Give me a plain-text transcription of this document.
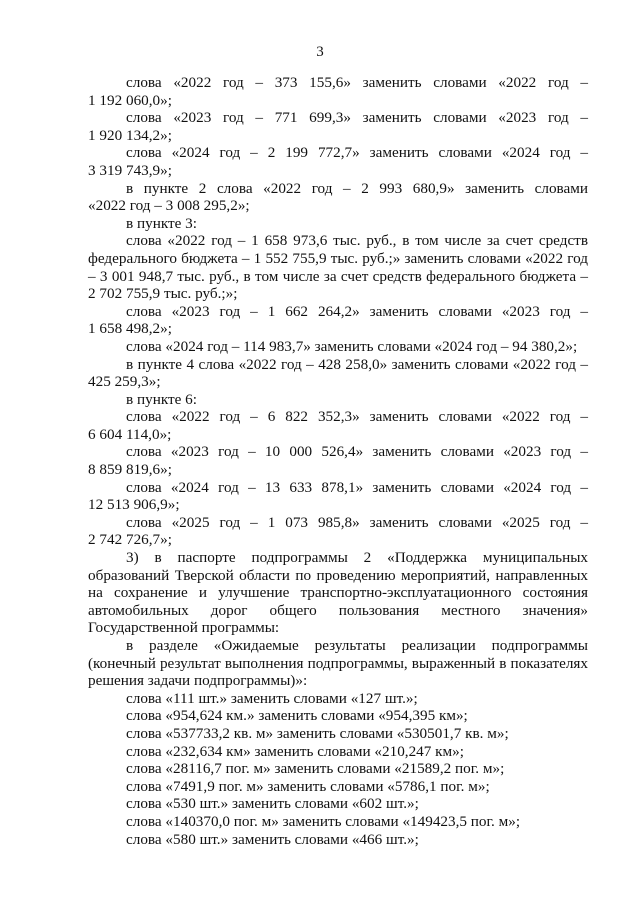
3

слова «2022 год – 373 155,6» заменить словами «2022 год –

1 192 060,0»;

слова «2023 год – 771 699,3» заменить словами «2023 год –

1 920 134,2»;

слова «2024 год – 2 199 772,7» заменить словами «2024 год –

3 319 743,9»;

в пункте 2 слова «2022 год – 2 993 680,9» заменить словами

«2022 год – 3 008 295,2»;

в пункте 3:

слова «2022 год – 1 658 973,6 тыс. руб., в том числе за счет средств федерального бюджета – 1 552 755,9 тыс. руб.;» заменить словами «2022 год – 3 001 948,7 тыс. руб., в том числе за счет средств федерального бюджета – 2 702 755,9 тыс. руб.;»;

слова «2023 год – 1 662 264,2» заменить словами «2023 год –

1 658 498,2»;

слова «2024 год – 114 983,7» заменить словами «2024 год – 94 380,2»;

в пункте 4 слова «2022 год – 428 258,0» заменить словами «2022 год –

425 259,3»;

в пункте 6:

слова «2022 год – 6 822 352,3» заменить словами «2022 год –

6 604 114,0»;

слова «2023 год – 10 000 526,4» заменить словами «2023 год –

8 859 819,6»;

слова «2024 год – 13 633 878,1» заменить словами «2024 год –

12 513 906,9»;

слова «2025 год – 1 073 985,8» заменить словами «2025 год –

2 742 726,7»;

3) в паспорте подпрограммы 2 «Поддержка муниципальных образований Тверской области по проведению мероприятий, направленных на сохранение и улучшение транспортно-эксплуатационного состояния автомобильных дорог общего пользования местного значения» Государственной программы:

в разделе «Ожидаемые результаты реализации подпрограммы (конечный результат выполнения подпрограммы, выраженный в показателях решения задачи подпрограммы)»:

слова «111 шт.» заменить словами «127 шт.»;

слова «954,624 км.» заменить словами «954,395 км»;

слова «537733,2 кв. м» заменить словами «530501,7 кв. м»;

слова «232,634 км» заменить словами «210,247 км»;

слова «28116,7 пог. м» заменить словами «21589,2 пог. м»;

слова «7491,9 пог. м» заменить словами «5786,1 пог. м»;

слова «530 шт.» заменить словами «602 шт.»;

слова «140370,0 пог. м» заменить словами «149423,5 пог. м»;

слова «580 шт.» заменить словами «466 шт.»;
